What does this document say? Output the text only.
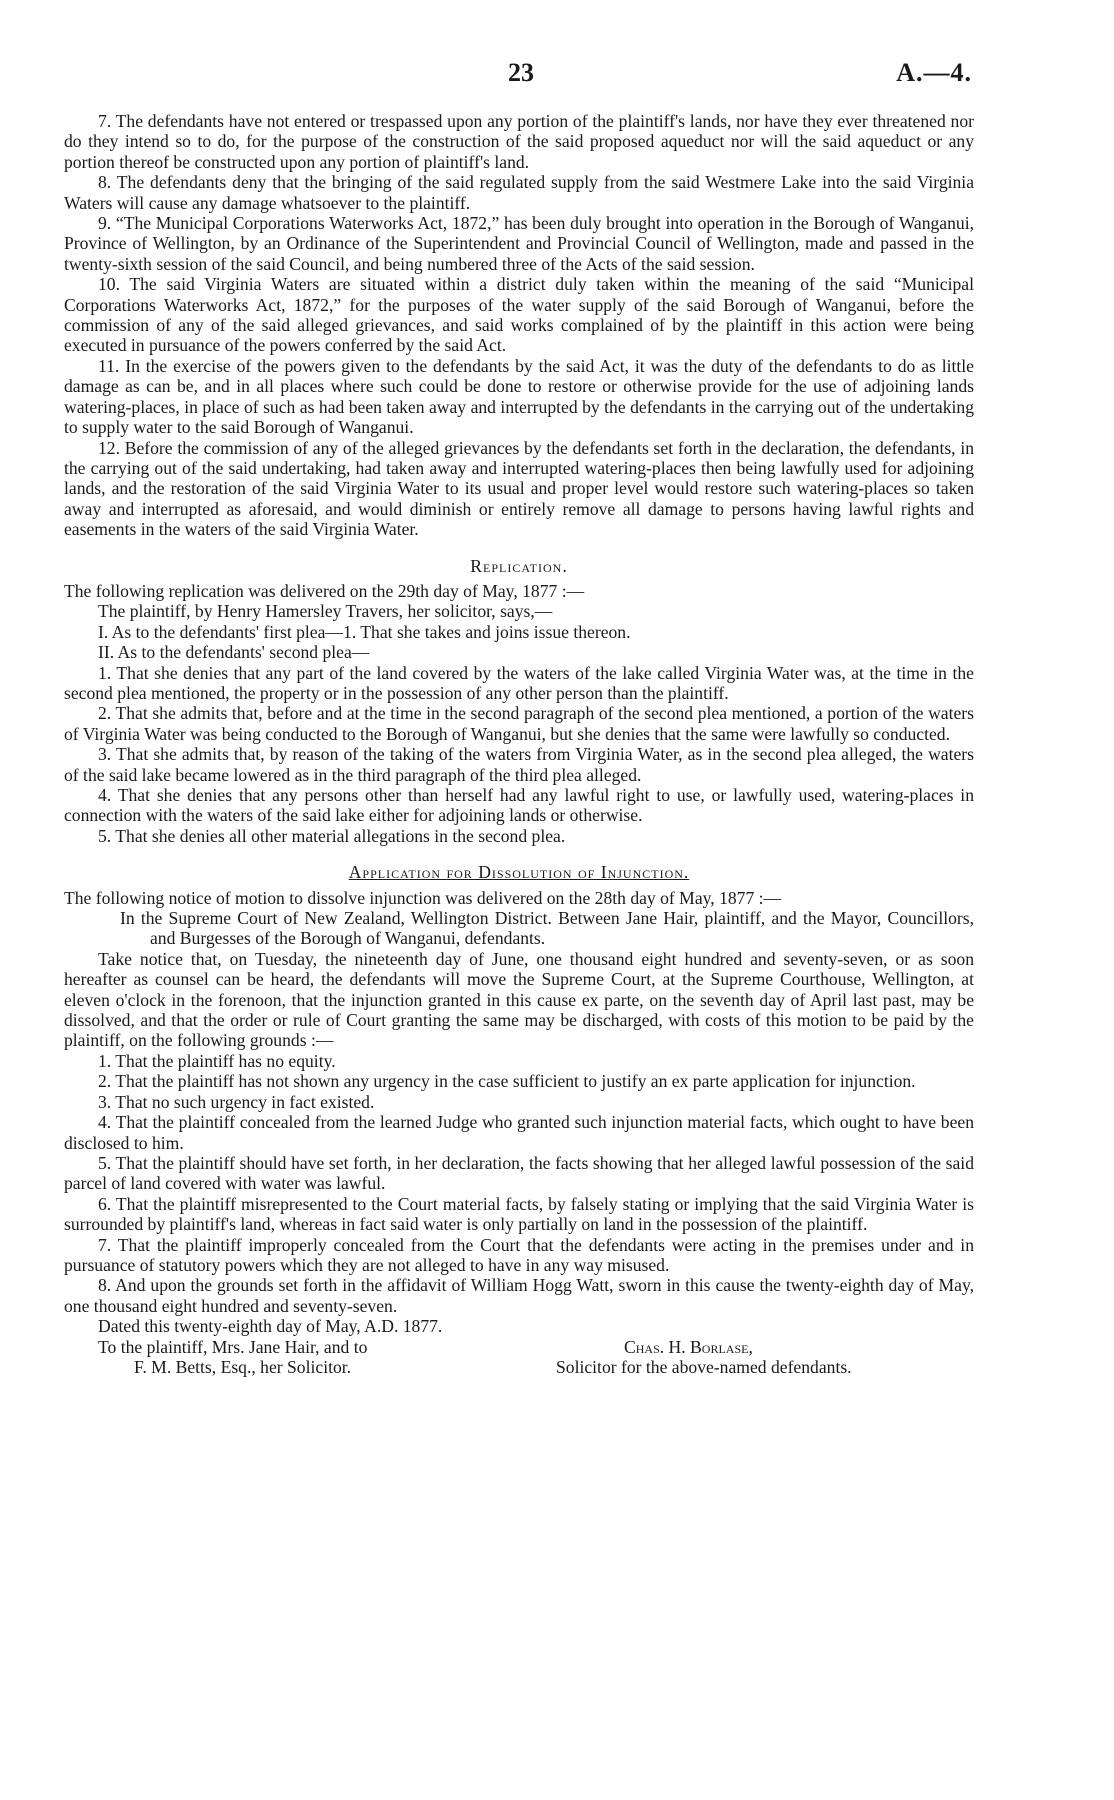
23	A.—4.

7. The defendants have not entered or trespassed upon any portion of the plaintiff's lands, nor have they ever threatened nor do they intend so to do, for the purpose of the construction of the said proposed aqueduct nor will the said aqueduct or any portion thereof be constructed upon any portion of plaintiff's land.

8. The defendants deny that the bringing of the said regulated supply from the said Westmere Lake into the said Virginia Waters will cause any damage whatsoever to the plaintiff.

9. “The Municipal Corporations Waterworks Act, 1872,” has been duly brought into operation in the Borough of Wanganui, Province of Wellington, by an Ordinance of the Superintendent and Provincial Council of Wellington, made and passed in the twenty-sixth session of the said Council, and being numbered three of the Acts of the said session.

10. The said Virginia Waters are situated within a district duly taken within the meaning of the said “Municipal Corporations Waterworks Act, 1872,” for the purposes of the water supply of the said Borough of Wanganui, before the commission of any of the said alleged grievances, and said works complained of by the plaintiff in this action were being executed in pursuance of the powers conferred by the said Act.

11. In the exercise of the powers given to the defendants by the said Act, it was the duty of the defendants to do as little damage as can be, and in all places where such could be done to restore or otherwise provide for the use of adjoining lands watering-places, in place of such as had been taken away and interrupted by the defendants in the carrying out of the undertaking to supply water to the said Borough of Wanganui.

12. Before the commission of any of the alleged grievances by the defendants set forth in the declaration, the defendants, in the carrying out of the said undertaking, had taken away and interrupted watering-places then being lawfully used for adjoining lands, and the restoration of the said Virginia Water to its usual and proper level would restore such watering-places so taken away and interrupted as aforesaid, and would diminish or entirely remove all damage to persons having lawful rights and easements in the waters of the said Virginia Water.

Replication.

The following replication was delivered on the 29th day of May, 1877 :—

The plaintiff, by Henry Hamersley Travers, her solicitor, says,—

I. As to the defendants' first plea—1. That she takes and joins issue thereon.

II. As to the defendants' second plea—

1. That she denies that any part of the land covered by the waters of the lake called Virginia Water was, at the time in the second plea mentioned, the property or in the possession of any other person than the plaintiff.

2. That she admits that, before and at the time in the second paragraph of the second plea mentioned, a portion of the waters of Virginia Water was being conducted to the Borough of Wanganui, but she denies that the same were lawfully so conducted.

3. That she admits that, by reason of the taking of the waters from Virginia Water, as in the second plea alleged, the waters of the said lake became lowered as in the third paragraph of the third plea alleged.

4. That she denies that any persons other than herself had any lawful right to use, or lawfully used, watering-places in connection with the waters of the said lake either for adjoining lands or otherwise.

5. That she denies all other material allegations in the second plea.

Application for Dissolution of Injunction.

The following notice of motion to dissolve injunction was delivered on the 28th day of May, 1877 :—

In the Supreme Court of New Zealand, Wellington District. Between Jane Hair, plaintiff, and the Mayor, Councillors, and Burgesses of the Borough of Wanganui, defendants.

Take notice that, on Tuesday, the nineteenth day of June, one thousand eight hundred and seventy-seven, or as soon hereafter as counsel can be heard, the defendants will move the Supreme Court, at the Supreme Courthouse, Wellington, at eleven o'clock in the forenoon, that the injunction granted in this cause ex parte, on the seventh day of April last past, may be dissolved, and that the order or rule of Court granting the same may be discharged, with costs of this motion to be paid by the plaintiff, on the following grounds :—

1. That the plaintiff has no equity.

2. That the plaintiff has not shown any urgency in the case sufficient to justify an ex parte application for injunction.

3. That no such urgency in fact existed.

4. That the plaintiff concealed from the learned Judge who granted such injunction material facts, which ought to have been disclosed to him.

5. That the plaintiff should have set forth, in her declaration, the facts showing that her alleged lawful possession of the said parcel of land covered with water was lawful.

6. That the plaintiff misrepresented to the Court material facts, by falsely stating or implying that the said Virginia Water is surrounded by plaintiff's land, whereas in fact said water is only partially on land in the possession of the plaintiff.

7. That the plaintiff improperly concealed from the Court that the defendants were acting in the premises under and in pursuance of statutory powers which they are not alleged to have in any way misused.

8. And upon the grounds set forth in the affidavit of William Hogg Watt, sworn in this cause the twenty-eighth day of May, one thousand eight hundred and seventy-seven.

Dated this twenty-eighth day of May, A.D. 1877.

To the plaintiff, Mrs. Jane Hair, and to
F. M. Betts, Esq., her Solicitor.
Chas. H. Borlase,
Solicitor for the above-named defendants.
